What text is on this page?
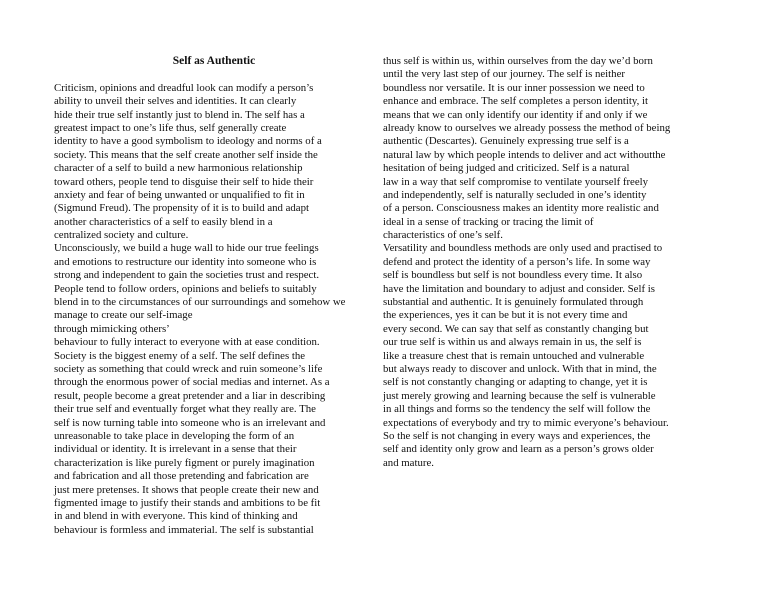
Self as Authentic
Criticism, opinions and dreadful look can modify a person’s
ability to unveil their selves and identities. It can clearly
hide their true self instantly just to blend in. The self has a
greatest impact to one’s life thus, self generally create
identity to have a good symbolism to ideology and norms of a
society. This means that the self create another self inside the
character of a self to build a new harmonious relationship
toward others, people tend to disguise their self to hide their
anxiety and fear of being unwanted or unqualified to fit in
(Sigmund Freud). The propensity of it is to build and adapt
another characteristics of a self to easily blend in a
centralized society and culture.
Unconsciously, we build a huge wall to hide our true feelings
and emotions to restructure our identity into someone who is
strong and independent to gain the societies trust and respect.
People tend to follow orders, opinions and beliefs to suitably
blend in to the circumstances of our surroundings and somehow we
manage to create our self-image
through mimicking others’
behaviour to fully interact to everyone with at ease condition.
Society is the biggest enemy of a self. The self defines the
society as something that could wreck and ruin someone’s life
through the enormous power of social medias and internet. As a
result, people become a great pretender and a liar in describing
their true self and eventually forget what they really are. The
self is now turning table into someone who is an irrelevant and
unreasonable to take place in developing the form of an
individual or identity. It is irrelevant in a sense that their
characterization is like purely figment or purely imagination
and fabrication and all those pretending and fabrication are
just mere pretenses. It shows that people create their new and
figmented image to justify their stands and ambitions to be fit
in and blend in with everyone. This kind of thinking and
behaviour is formless and immaterial. The self is substantial
thus self is within us, within ourselves from the day we’d born
until the very last step of our journey. The self is neither
boundless nor versatile. It is our inner possession we need to
enhance and embrace. The self completes a person identity, it
means that we can only identify our identity if and only if we
already know to ourselves we already possess the method of being
authentic (Descartes). Genuinely expressing true self is a
natural law by which people intends to deliver and act withoutthe
hesitation of being judged and criticized. Self is a natural
law in a way that self compromise to ventilate yourself freely
and independently, self is naturally secluded in one’s identity
of a person. Consciousness makes an identity more realistic and
ideal in a sense of tracking or tracing the limit of
characteristics of one’s self.
Versatility and boundless methods are only used and practised to
defend and protect the identity of a person’s life. In some way
self is boundless but self is not boundless every time. It also
have the limitation and boundary to adjust and consider. Self is
substantial and authentic. It is genuinely formulated through
the experiences, yes it can be but it is not every time and
every second. We can say that self as constantly changing but
our true self is within us and always remain in us, the self is
like a treasure chest that is remain untouched and vulnerable
but always ready to discover and unlock. With that in mind, the
self is not constantly changing or adapting to change, yet it is
just merely growing and learning because the self is vulnerable
in all things and forms so the tendency the self will follow the
expectations of everybody and try to mimic everyone’s behaviour.
So the self is not changing in every ways and experiences, the
self and identity only grow and learn as a person’s grows older
and mature.
